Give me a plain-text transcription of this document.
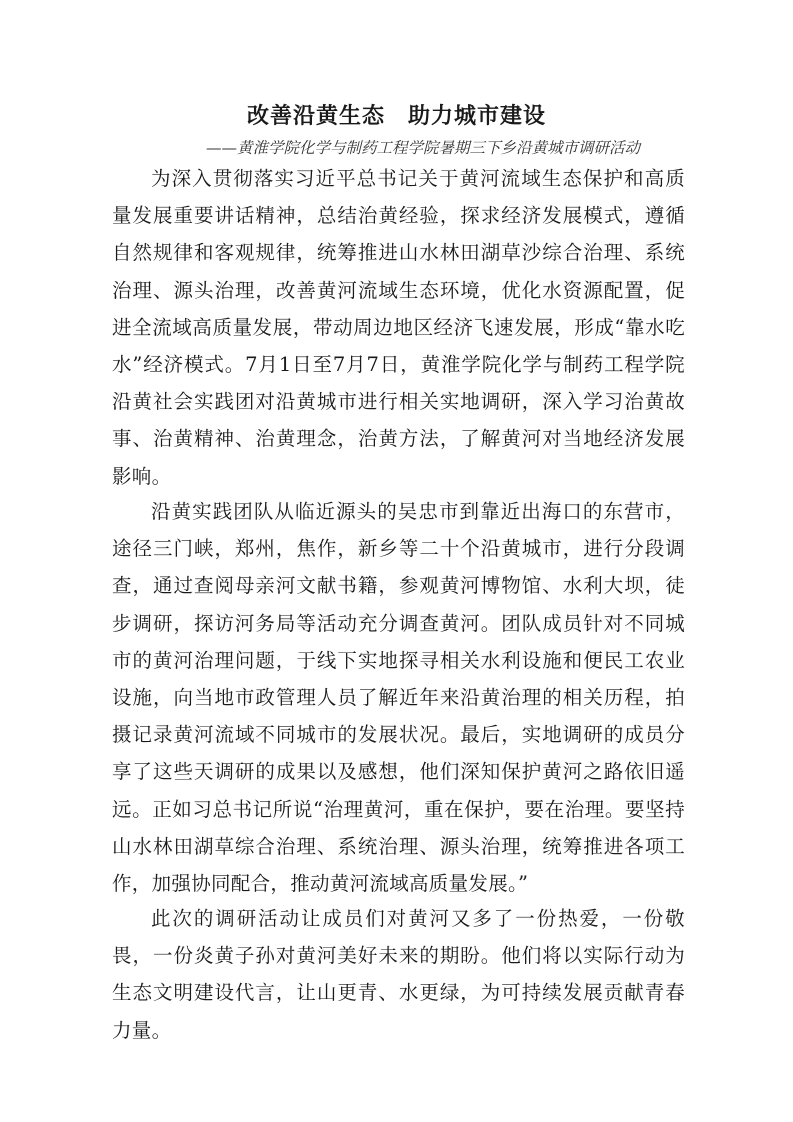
改善沿黄生态　助力城市建设
——黄淮学院化学与制药工程学院暑期三下乡沿黄城市调研活动

为深入贯彻落实习近平总书记关于黄河流域生态保护和高质量发展重要讲话精神，总结治黄经验，探求经济发展模式，遵循自然规律和客观规律，统筹推进山水林田湖草沙综合治理、系统治理、源头治理，改善黄河流域生态环境，优化水资源配置，促进全流域高质量发展，带动周边地区经济飞速发展，形成“靠水吃水”经济模式。7月1日至7月7日，黄淮学院化学与制药工程学院沿黄社会实践团对沿黄城市进行相关实地调研，深入学习治黄故事、治黄精神、治黄理念，治黄方法，了解黄河对当地经济发展影响。

沿黄实践团队从临近源头的吴忠市到靠近出海口的东营市，途径三门峡，郑州，焦作，新乡等二十个沿黄城市，进行分段调查，通过查阅母亲河文献书籍，参观黄河博物馆、水利大坝，徒步调研，探访河务局等活动充分调查黄河。团队成员针对不同城市的黄河治理问题，于线下实地探寻相关水利设施和便民工农业设施，向当地市政管理人员了解近年来沿黄治理的相关历程，拍摄记录黄河流域不同城市的发展状况。最后，实地调研的成员分享了这些天调研的成果以及感想，他们深知保护黄河之路依旧遥远。正如习总书记所说“治理黄河，重在保护，要在治理。要坚持山水林田湖草综合治理、系统治理、源头治理，统筹推进各项工作，加强协同配合，推动黄河流域高质量发展。”

此次的调研活动让成员们对黄河又多了一份热爱，一份敬畏，一份炎黄子孙对黄河美好未来的期盼。他们将以实际行动为生态文明建设代言，让山更青、水更绿，为可持续发展贡献青春力量。
